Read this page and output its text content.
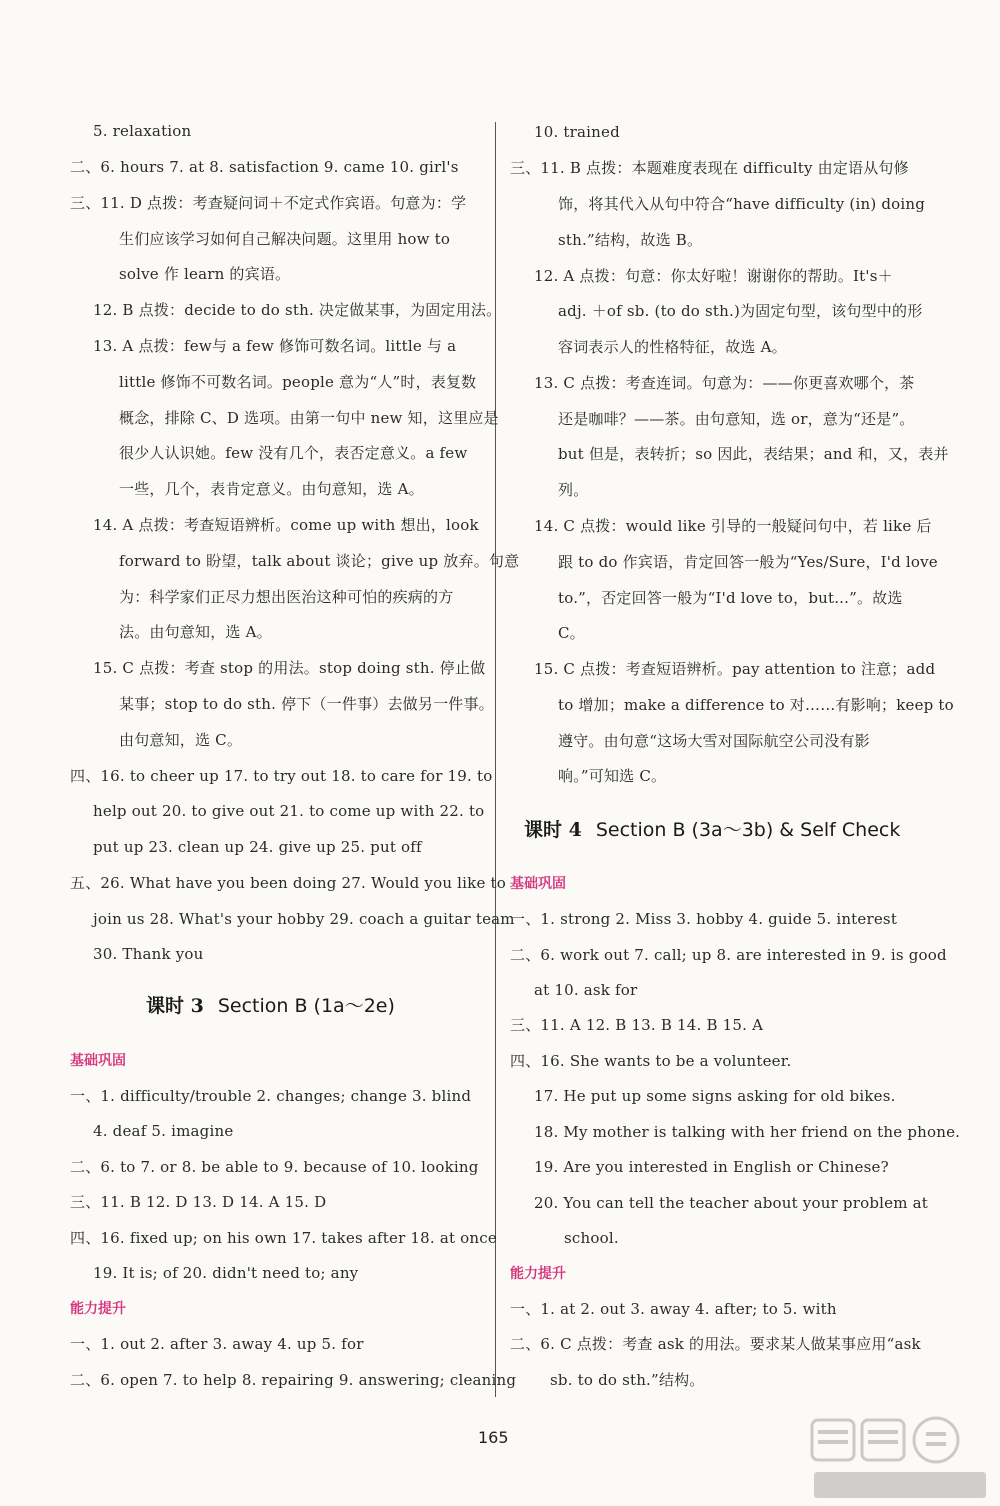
5. relaxation
二、6. hours 7. at 8. satisfaction 9. came 10. girl's
三、11. D 点拨：考查疑问词＋不定式作宾语。句意为：学
生们应该学习如何自己解决问题。这里用 how to
solve 作 learn 的宾语。
12. B 点拨：decide to do sth. 决定做某事，为固定用法。
13. A 点拨：few与 a few 修饰可数名词。little 与 a
little 修饰不可数名词。people 意为“人”时，表复数
概念，排除 C、D 选项。由第一句中 new 知，这里应是
很少人认识她。few 没有几个，表否定意义。a few
一些，几个，表肯定意义。由句意知，选 A。
14. A 点拨：考查短语辨析。come up with 想出，look
forward to 盼望，talk about 谈论；give up 放弃。句意
为：科学家们正尽力想出医治这种可怕的疾病的方
法。由句意知，选 A。
15. C 点拨：考查 stop 的用法。stop doing sth. 停止做
某事；stop to do sth. 停下（一件事）去做另一件事。
由句意知，选 C。
四、16. to cheer up 17. to try out 18. to care for 19. to
help out 20. to give out 21. to come up with 22. to
put up 23. clean up 24. give up 25. put off
五、26. What have you been doing 27. Would you like to
join us 28. What's your hobby 29. coach a guitar team
30. Thank you
课时 3 Section B (1a～2e)
基础巩固
一、1. difficulty/trouble 2. changes; change 3. blind
4. deaf 5. imagine
二、6. to 7. or 8. be able to 9. because of 10. looking
三、11. B 12. D 13. D 14. A 15. D
四、16. fixed up; on his own 17. takes after 18. at once
19. It is; of 20. didn't need to; any
能力提升
一、1. out 2. after 3. away 4. up 5. for
二、6. open 7. to help 8. repairing 9. answering; cleaning
10. trained
三、11. B 点拨：本题难度表现在 difficulty 由定语从句修
饰，将其代入从句中符合“have difficulty (in) doing
sth.”结构，故选 B。
12. A 点拨：句意：你太好啦！谢谢你的帮助。It's＋
adj. ＋of sb. (to do sth.)为固定句型，该句型中的形
容词表示人的性格特征，故选 A。
13. C 点拨：考查连词。句意为：——你更喜欢哪个，茶
还是咖啡？——茶。由句意知，选 or，意为“还是”。
but 但是，表转折；so 因此，表结果；and 和，又，表并
列。
14. C 点拨：would like 引导的一般疑问句中，若 like 后
跟 to do 作宾语，肯定回答一般为“Yes/Sure，I'd love
to.”，否定回答一般为“I'd love to，but...”。故选
C。
15. C 点拨：考查短语辨析。pay attention to 注意；add
to 增加；make a difference to 对……有影响；keep to
遵守。由句意“这场大雪对国际航空公司没有影
响。”可知选 C。
课时 4 Section B (3a～3b) & Self Check
基础巩固
一、1. strong 2. Miss 3. hobby 4. guide 5. interest
二、6. work out 7. call; up 8. are interested in 9. is good
at 10. ask for
三、11. A 12. B 13. B 14. B 15. A
四、16. She wants to be a volunteer.
17. He put up some signs asking for old bikes.
18. My mother is talking with her friend on the phone.
19. Are you interested in English or Chinese?
20. You can tell the teacher about your problem at
school.
能力提升
一、1. at 2. out 3. away 4. after; to 5. with
二、6. C 点拨：考查 ask 的用法。要求某人做某事应用“ask
sb. to do sth.”结构。
165
